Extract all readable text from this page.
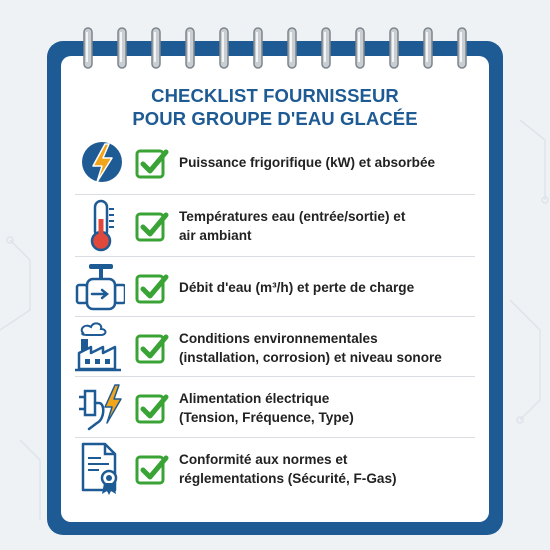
CHECKLIST FOURNISSEUR
POUR GROUPE D'EAU GLACÉE
Puissance frigorifique (kW) et absorbée
Températures eau (entrée/sortie) et
air ambiant
Débit d'eau (m³/h) et perte de charge
Conditions environnementales
(installation, corrosion) et niveau sonore
Alimentation électrique
(Tension, Fréquence, Type)
Conformité aux normes et
réglementations (Sécurité, F-Gas)
